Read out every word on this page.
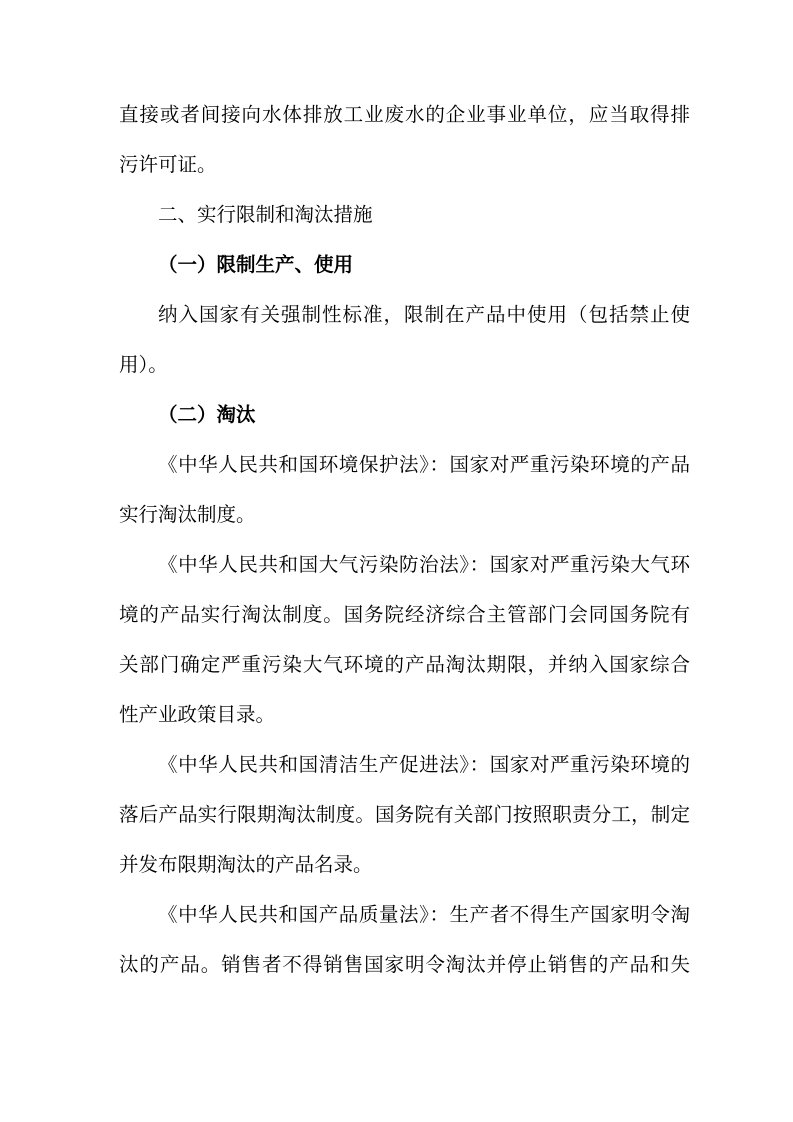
直接或者间接向水体排放工业废水的企业事业单位，应当取得排
污许可证。
二、实行限制和淘汰措施
（一）限制生产、使用
纳入国家有关强制性标准，限制在产品中使用（包括禁止使
用）。
（二）淘汰
《中华人民共和国环境保护法》：国家对严重污染环境的产品
实行淘汰制度。
《中华人民共和国大气污染防治法》：国家对严重污染大气环
境的产品实行淘汰制度。国务院经济综合主管部门会同国务院有
关部门确定严重污染大气环境的产品淘汰期限，并纳入国家综合
性产业政策目录。
《中华人民共和国清洁生产促进法》：国家对严重污染环境的
落后产品实行限期淘汰制度。国务院有关部门按照职责分工，制定
并发布限期淘汰的产品名录。
《中华人民共和国产品质量法》：生产者不得生产国家明令淘
汰的产品。销售者不得销售国家明令淘汰并停止销售的产品和失
